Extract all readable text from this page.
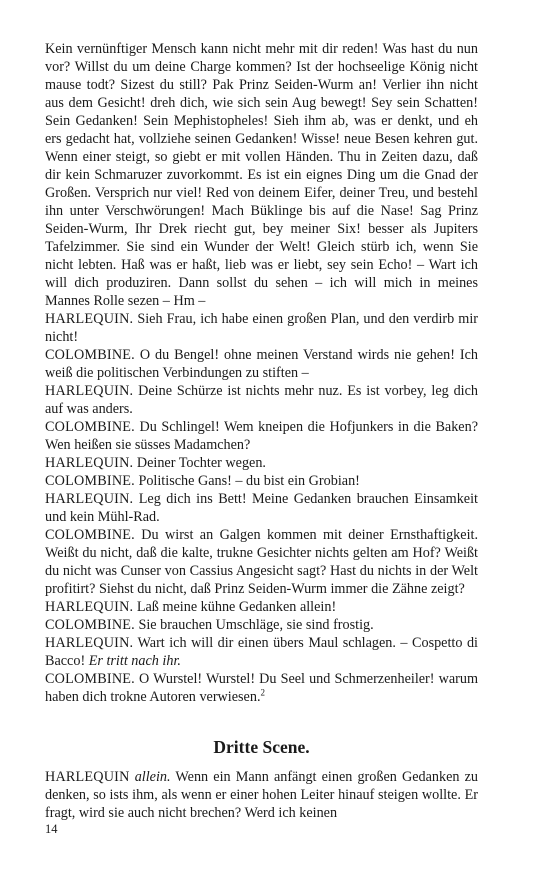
Kein vernünftiger Mensch kann nicht mehr mit dir reden! Was hast du nun vor? Willst du um deine Charge kommen? Ist der hochseelige König nicht mause todt? Sizest du still? Pak Prinz Seiden-Wurm an! Verlier ihn nicht aus dem Gesicht! dreh dich, wie sich sein Aug bewegt! Sey sein Schatten! Sein Gedanken! Sein Mephistopheles! Sieh ihm ab, was er denkt, und eh ers gedacht hat, vollziehe seinen Gedanken! Wisse! neue Besen kehren gut. Wenn einer steigt, so giebt er mit vollen Händen. Thu in Zeiten dazu, daß dir kein Schmaruzer zuvorkommt. Es ist ein eignes Ding um die Gnad der Großen. Versprich nur viel! Red von deinem Eifer, deiner Treu, und bestehl ihn unter Verschwörungen! Mach Büklinge bis auf die Nase! Sag Prinz Seiden-Wurm, Ihr Drek riecht gut, bey meiner Six! besser als Jupiters Tafelzimmer. Sie sind ein Wunder der Welt! Gleich stürb ich, wenn Sie nicht lebten. Haß was er haßt, lieb was er liebt, sey sein Echo! – Wart ich will dich produziren. Dann sollst du sehen – ich will mich in meines Mannes Rolle sezen – Hm –

HARLEQUIN. Sieh Frau, ich habe einen großen Plan, und den verdirb mir nicht!

COLOMBINE. O du Bengel! ohne meinen Verstand wirds nie gehen! Ich weiß die politischen Verbindungen zu stiften –

HARLEQUIN. Deine Schürze ist nichts mehr nuz. Es ist vorbey, leg dich auf was anders.

COLOMBINE. Du Schlingel! Wem kneipen die Hofjunkers in die Baken? Wen heißen sie süsses Madamchen?

HARLEQUIN. Deiner Tochter wegen.

COLOMBINE. Politische Gans! – du bist ein Grobian!

HARLEQUIN. Leg dich ins Bett! Meine Gedanken brauchen Einsamkeit und kein Mühl-Rad.

COLOMBINE. Du wirst an Galgen kommen mit deiner Ernsthaftigkeit. Weißt du nicht, daß die kalte, trukne Gesichter nichts gelten am Hof? Weißt du nicht was Cunser von Cassius Angesicht sagt? Hast du nichts in der Welt profitirt? Siehst du nicht, daß Prinz Seiden-Wurm immer die Zähne zeigt?

HARLEQUIN. Laß meine kühne Gedanken allein!

COLOMBINE. Sie brauchen Umschläge, sie sind frostig.

HARLEQUIN. Wart ich will dir einen übers Maul schlagen. – Cospetto di Bacco! Er tritt nach ihr.

COLOMBINE. O Wurstel! Wurstel! Du Seel und Schmerzenheiler! warum haben dich trokne Autoren verwiesen.$^2$

Dritte Scene.

HARLEQUIN allein. Wenn ein Mann anfängt einen großen Gedanken zu denken, so ists ihm, als wenn er einer hohen Leiter hinauf steigen wollte. Er fragt, wird sie auch nicht brechen? Werd ich keinen

14
